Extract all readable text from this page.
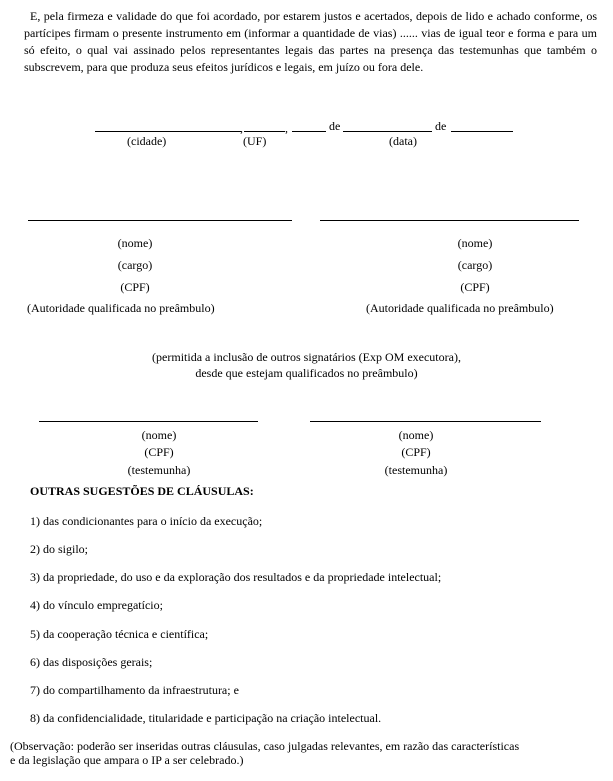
E, pela firmeza e validade do que foi acordado, por estarem justos e acertados, depois de lido e achado conforme, os partícipes firmam o presente instrumento em (informar a quantidade de vias) ...... vias de igual teor e forma e para um só efeito, o qual vai assinado pelos representantes legais das partes na presença das testemunhas que também o subscrevem, para que produza seus efeitos jurídicos e legais, em juízo ou fora dele.
,	,	de	de
(cidade)	(UF)	(data)
(nome)
(cargo)
(CPF)
(Autoridade qualificada no preâmbulo)
(nome)
(cargo)
(CPF)
(Autoridade qualificada no preâmbulo)
(permitida a inclusão de outros signatários (Exp OM executora),
desde que estejam qualificados no preâmbulo)
(nome)
(CPF)
(testemunha)
(nome)
(CPF)
(testemunha)
OUTRAS SUGESTÕES DE CLÁUSULAS:
1) das condicionantes para o início da execução;
2) do sigilo;
3) da propriedade, do uso e da exploração dos resultados e da propriedade intelectual;
4) do vínculo empregatício;
5) da cooperação técnica e científica;
6) das disposições gerais;
7) do compartilhamento da infraestrutura; e
8) da confidencialidade, titularidade e participação na criação intelectual.
(Observação: poderão ser inseridas outras cláusulas, caso julgadas relevantes, em razão das características
e da legislação que ampara o IP a ser celebrado.)
